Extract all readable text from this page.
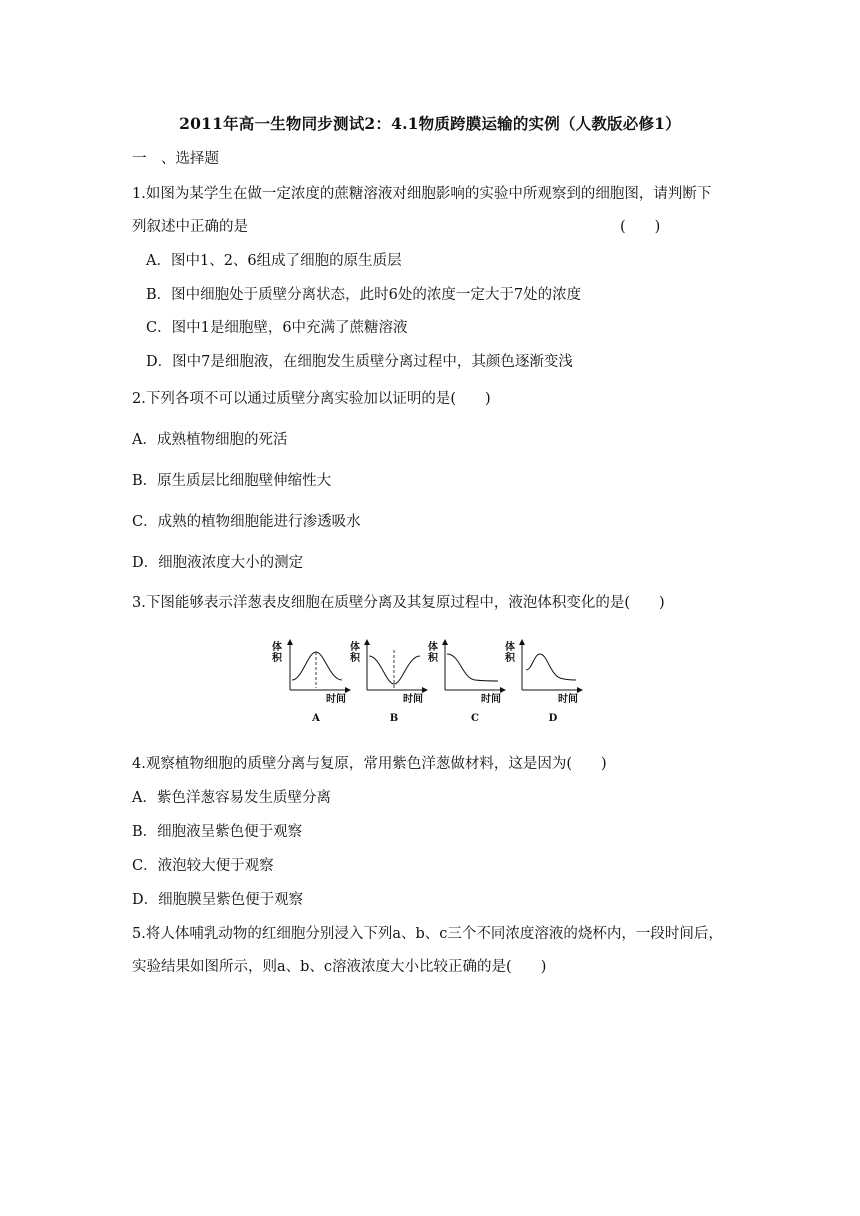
2011年高一生物同步测试2：4.1物质跨膜运输的实例（人教版必修1）
一　、选择题
1.如图为某学生在做一定浓度的蔗糖溶液对细胞影响的实验中所观察到的细胞图，请判断下
列叙述中正确的是	(　　)
A．图中1、2、6组成了细胞的原生质层
B．图中细胞处于质壁分离状态，此时6处的浓度一定大于7处的浓度
C．图中1是细胞壁，6中充满了蔗糖溶液
D．图中7是细胞液，在细胞发生质壁分离过程中，其颜色逐渐变浅
2.下列各项不可以通过质壁分离实验加以证明的是(　　)
A．成熟植物细胞的死活
B．原生质层比细胞壁伸缩性大
C．成熟的植物细胞能进行渗透吸水
D．细胞液浓度大小的测定
3.下图能够表示洋葱表皮细胞在质壁分离及其复原过程中，液泡体积变化的是(　　)
体
积
时间
A
体
积
时间
B
体
积
时间
C
体
积
时间
D
4.观察植物细胞的质壁分离与复原，常用紫色洋葱做材料，这是因为(　　)
A．紫色洋葱容易发生质壁分离
B．细胞液呈紫色便于观察
C．液泡较大便于观察
D．细胞膜呈紫色便于观察
5.将人体哺乳动物的红细胞分别浸入下列a、b、c三个不同浓度溶液的烧杯内，一段时间后，
实验结果如图所示，则a、b、c溶液浓度大小比较正确的是(　　)
